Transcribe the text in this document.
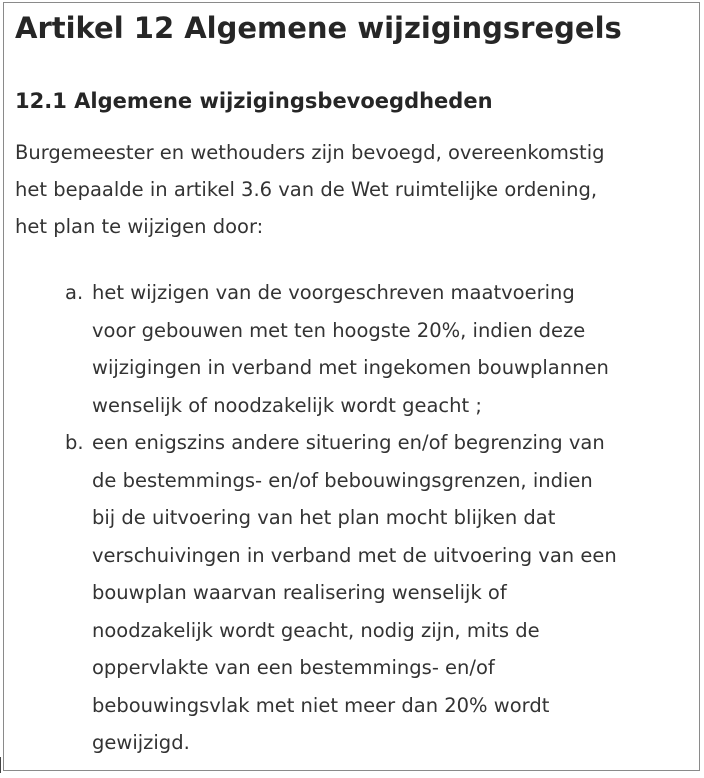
Artikel 12 Algemene wijzigingsregels
12.1 Algemene wijzigingsbevoegdheden

Burgemeester en wethouders zijn bevoegd, overeenkomstig
het bepaalde in artikel 3.6 van de Wet ruimtelijke ordening,
het plan te wijzigen door:

a. het wijzigen van de voorgeschreven maatvoering
voor gebouwen met ten hoogste 20%, indien deze
wijzigingen in verband met ingekomen bouwplannen
wenselijk of noodzakelijk wordt geacht ;
b. een enigszins andere situering en/of begrenzing van
de bestemmings- en/of bebouwingsgrenzen, indien
bij de uitvoering van het plan mocht blijken dat
verschuivingen in verband met de uitvoering van een
bouwplan waarvan realisering wenselijk of
noodzakelijk wordt geacht, nodig zijn, mits de
oppervlakte van een bestemmings- en/of
bebouwingsvlak met niet meer dan 20% wordt
gewijzigd.
